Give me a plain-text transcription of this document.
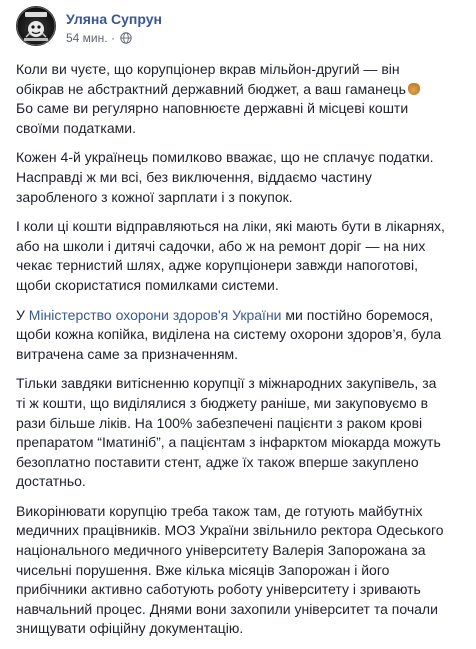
Уляна Супрун
54 мин. ·

Коли ви чуєте, що корупціонер вкрав мільйон-другий — він
обікрав не абстрактний державний бюджет, а ваш гаманець
Бо саме ви регулярно наповнюєте державні й місцеві кошти
своїми податками.

Кожен 4-й українець помилково вважає, що не сплачує податки.
Насправді ж ми всі, без виключення, віддаємо частину
заробленого з кожної зарплати і з покупок.

І коли ці кошти відправляються на ліки, які мають бути в лікарнях,
або на школи і дитячі садочки, або ж на ремонт доріг — на них
чекає тернистий шлях, адже корупціонери завжди напоготові,
щоби скористатися помилками системи.

У Міністерство охорони здоров'я України ми постійно боремося,
щоби кожна копійка, виділена на систему охорони здоров’я, була
витрачена саме за призначенням.

Тільки завдяки витісненню корупції з міжнародних закупівель, за
ті ж кошти, що виділялися з бюджету раніше, ми закуповуємо в
рази більше ліків. На 100% забезпечені пацієнти з раком крові
препаратом “Іматиніб”, а пацієнтам з інфарктом міокарда можуть
безоплатно поставити стент, адже їх також вперше закуплено
достатньо.

Викорінювати корупцію треба також там, де готують майбутніх
медичних працівників. МОЗ України звільнило ректора Одеського
національного медичного університету Валерія Запорожана за
чисельні порушення. Вже кілька місяців Запорожан і його
прибічники активно саботують роботу університету і зривають
навчальний процес. Днями вони захопили університет та почали
знищувати офіційну документацію.
